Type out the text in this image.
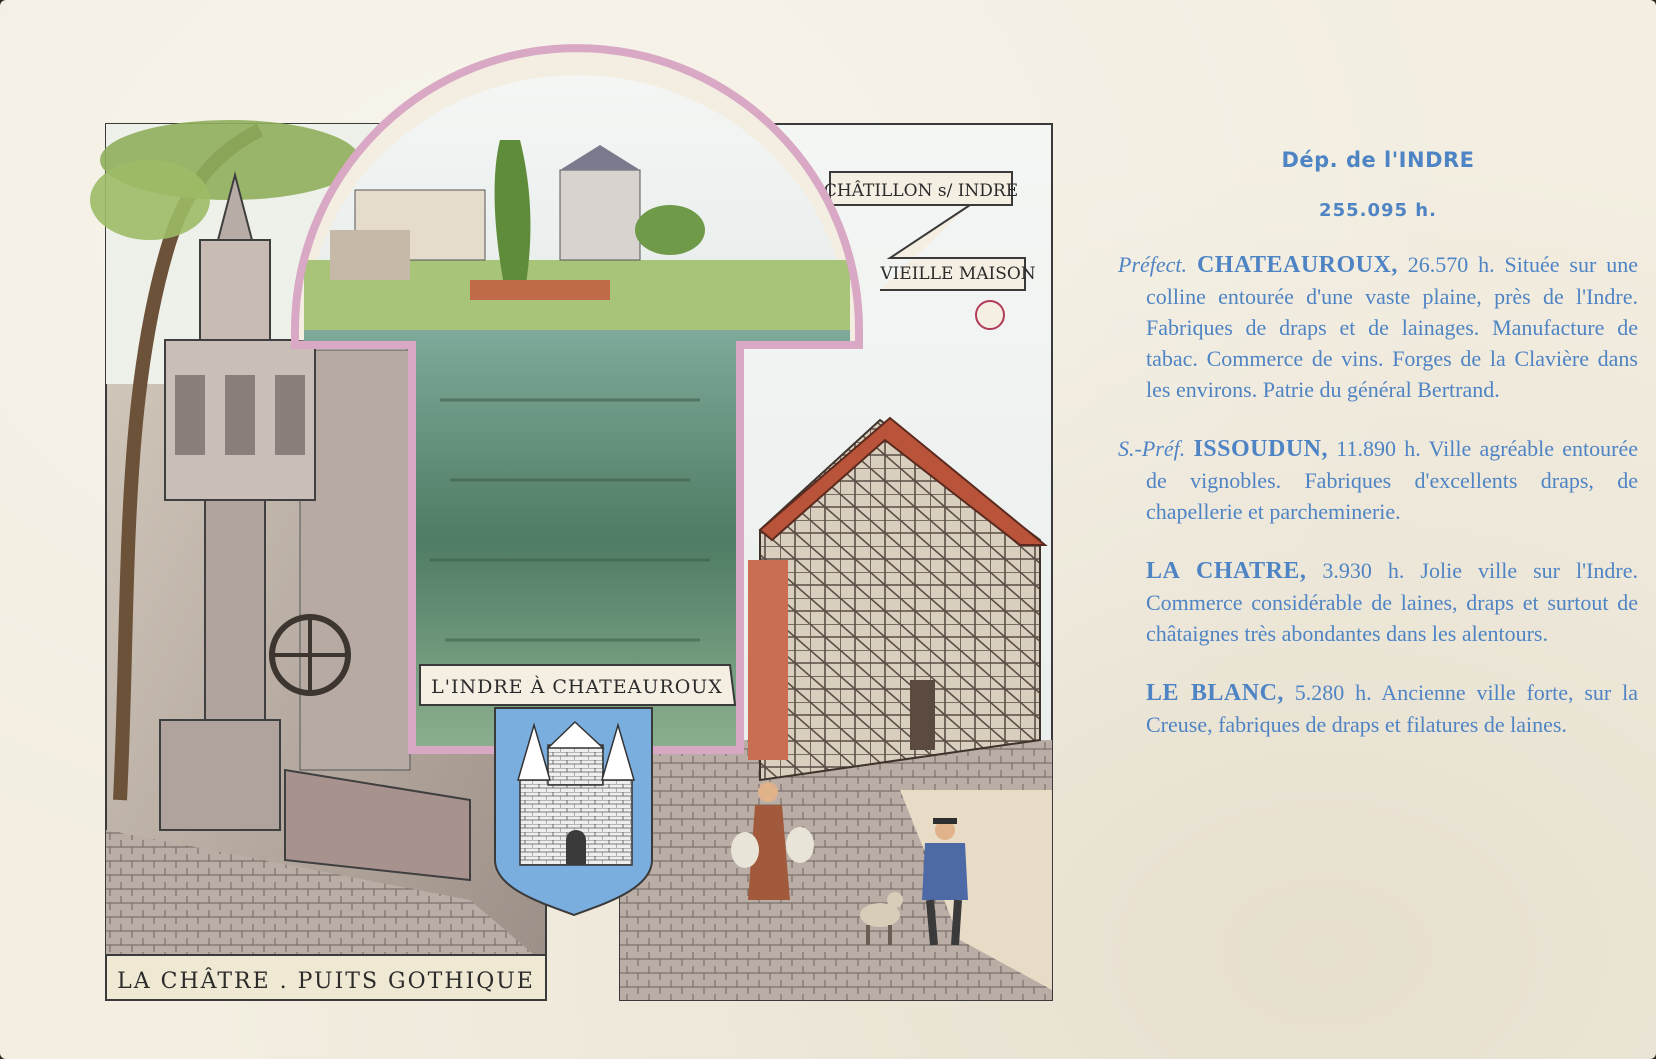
LA CHÂTRE . PUITS GOTHIQUE
CHÂTILLON s/ INDRE
VIEILLE MAISON
L'INDRE À CHATEAUROUX
Dép. de l'INDRE
255.095 h.

Préfect. CHATEAUROUX, 26.570 h. Située sur une colline entourée d'une vaste plaine, près de l'Indre. Fabriques de draps et de lainages. Manufacture de tabac. Commerce de vins. Forges de la Clavière dans les environs. Patrie du général Bertrand.

S.-Préf. ISSOUDUN, 11.890 h. Ville agréable entourée de vignobles. Fabriques d'excellents draps, de chapellerie et parcheminerie.

LA CHATRE, 3.930 h. Jolie ville sur l'Indre. Commerce considérable de laines, draps et surtout de châtaignes très abondantes dans les alentours.

LE BLANC, 5.280 h. Ancienne ville forte, sur la Creuse, fabriques de draps et filatures de laines.
